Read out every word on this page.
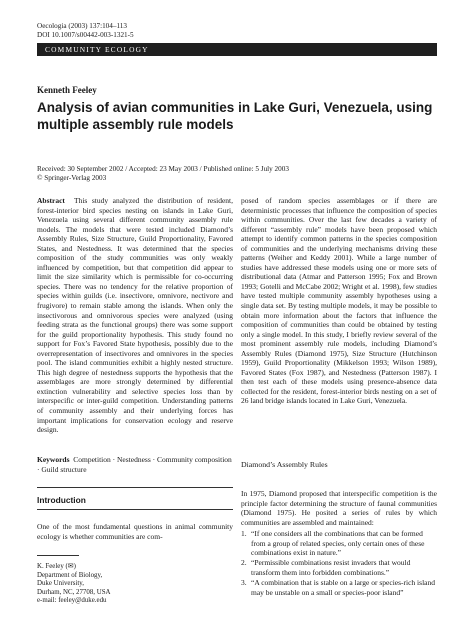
Oecologia (2003) 137:104–113
DOI 10.1007/s00442-003-1321-5
COMMUNITY ECOLOGY
Kenneth Feeley
Analysis of avian communities in Lake Guri, Venezuela, using multiple assembly rule models
Received: 30 September 2002 / Accepted: 23 May 2003 / Published online: 5 July 2003
© Springer-Verlag 2003

Abstract This study analyzed the distribution of resident, forest-interior bird species nesting on islands in Lake Guri, Venezuela using several different community assembly rule models. The models that were tested included Diamond’s Assembly Rules, Size Structure, Guild Proportionality, Favored States, and Nestedness. It was determined that the species composition of the study communities was only weakly influenced by competition, but that competition did appear to limit the size similarity which is permissible for co-occurring species. There was no tendency for the relative proportion of species within guilds (i.e. insectivore, omnivore, nectivore and frugivore) to remain stable among the islands. When only the insectivorous and omnivorous species were analyzed (using feeding strata as the functional groups) there was some support for the guild proportionality hypothesis. This study found no support for Fox’s Favored State hypothesis, possibly due to the overrepresentation of insectivores and omnivores in the species pool. The island communities exhibit a highly nested structure. This high degree of nestedness supports the hypothesis that the assemblages are more strongly determined by differential extinction vulnerability and selective species loss than by interspecific or inter-guild competition. Understanding patterns of community assembly and their underlying forces has important implications for conservation ecology and reserve design.

Keywords Competition · Nestedness · Community composition · Guild structure
Introduction
One of the most fundamental questions in animal community ecology is whether communities are com-
K. Feeley (✉)
Department of Biology,
Duke University,
Durham, NC, 27708, USA
e-mail: feeley@duke.edu

posed of random species assemblages or if there are deterministic processes that influence the composition of species within communities. Over the last few decades a variety of different “assembly rule” models have been proposed which attempt to identify common patterns in the species composition of communities and the underlying mechanisms driving these patterns (Weiher and Keddy 2001). While a large number of studies have addressed these models using one or more sets of distributional data (Atmar and Patterson 1995; Fox and Brown 1993; Gotelli and McCabe 2002; Wright et al. 1998), few studies have tested multiple community assembly hypotheses using a single data set. By testing multiple models, it may be possible to obtain more information about the factors that influence the composition of communities than could be obtained by testing only a single model. In this study, I briefly review several of the most prominent assembly rule models, including Diamond’s Assembly Rules (Diamond 1975), Size Structure (Hutchinson 1959), Guild Proportionality (Mikkelson 1993; Wilson 1989), Favored States (Fox 1987), and Nestedness (Patterson 1987). I then test each of these models using presence-absence data collected for the resident, forest-interior birds nesting on a set of 26 land bridge islands located in Lake Guri, Venezuela.

Diamond’s Assembly Rules
In 1975, Diamond proposed that interspecific competition is the principle factor determining the structure of faunal communities (Diamond 1975). He posited a series of rules by which communities are assembled and maintained:
1. “If one considers all the combinations that can be formed from a group of related species, only certain ones of these combinations exist in nature.”
2. “Permissible combinations resist invaders that would transform them into forbidden combinations.”
3. “A combination that is stable on a large or species-rich island may be unstable on a small or species-poor island”
